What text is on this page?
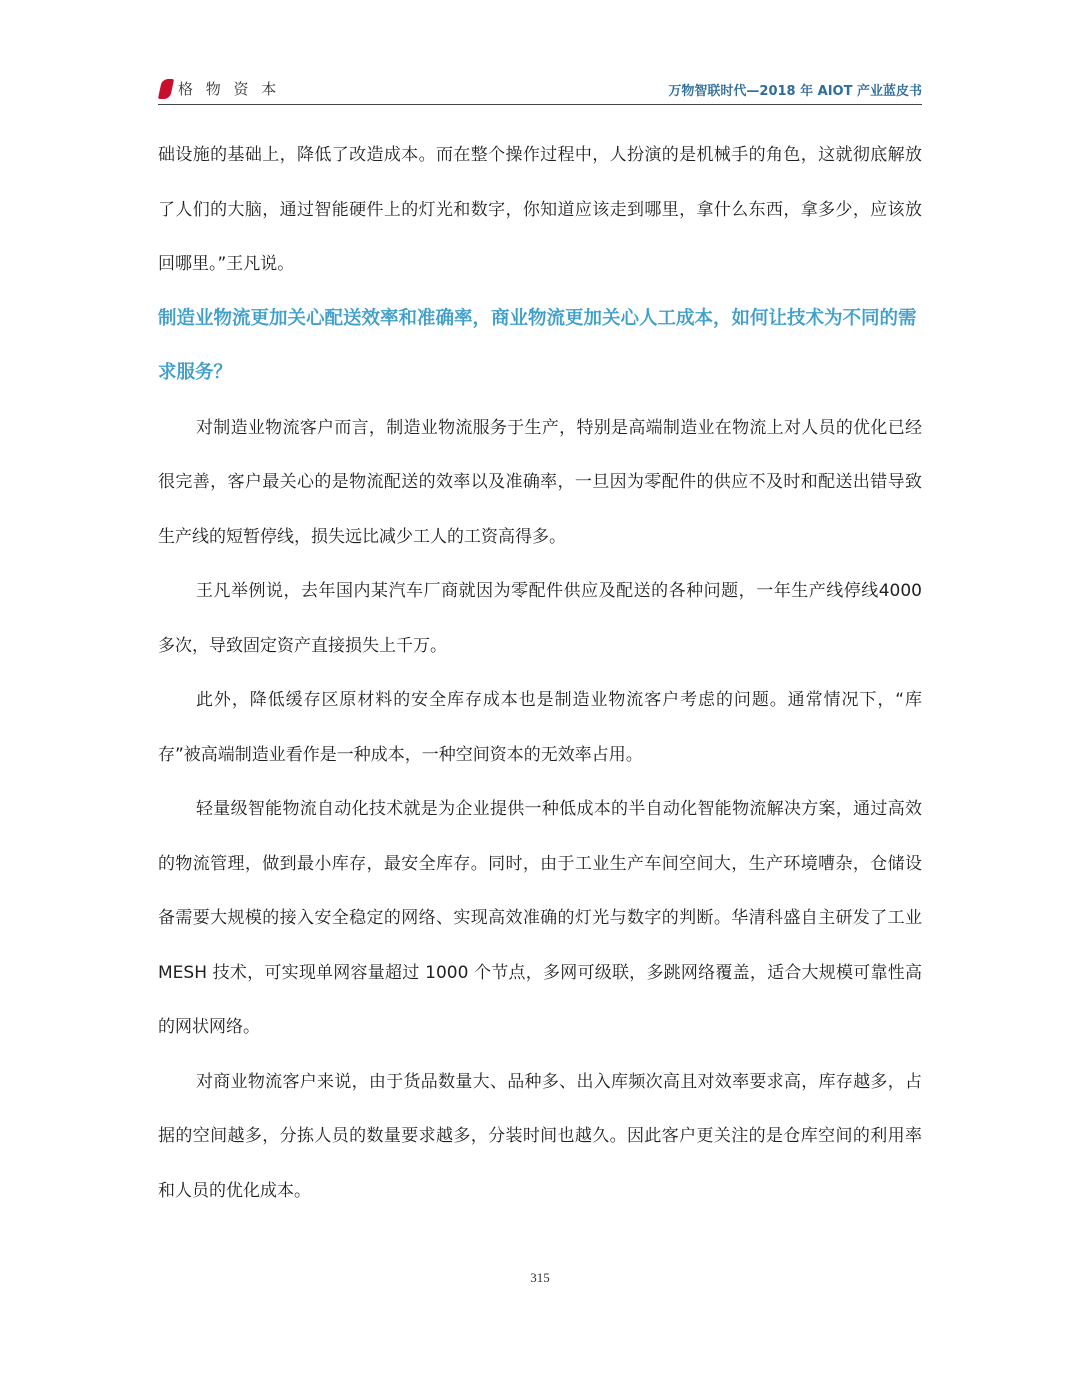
格 物 资 本	万物智联时代—2018 年 AIOT 产业蓝皮书

础设施的基础上，降低了改造成本。而在整个操作过程中，人扮演的是机械手的角色，这就彻底解放了人们的大脑，通过智能硬件上的灯光和数字，你知道应该走到哪里，拿什么东西，拿多少，应该放回哪里。”王凡说。

制造业物流更加关心配送效率和准确率，商业物流更加关心人工成本，如何让技术为不同的需求服务？

对制造业物流客户而言，制造业物流服务于生产，特别是高端制造业在物流上对人员的优化已经很完善，客户最关心的是物流配送的效率以及准确率，一旦因为零配件的供应不及时和配送出错导致生产线的短暂停线，损失远比减少工人的工资高得多。

王凡举例说，去年国内某汽车厂商就因为零配件供应及配送的各种问题，一年生产线停线4000 多次，导致固定资产直接损失上千万。

此外，降低缓存区原材料的安全库存成本也是制造业物流客户考虑的问题。通常情况下，“库存”被高端制造业看作是一种成本，一种空间资本的无效率占用。

轻量级智能物流自动化技术就是为企业提供一种低成本的半自动化智能物流解决方案，通过高效的物流管理，做到最小库存，最安全库存。同时，由于工业生产车间空间大，生产环境嘈杂，仓储设备需要大规模的接入安全稳定的网络、实现高效准确的灯光与数字的判断。华清科盛自主研发了工业 MESH 技术，可实现单网容量超过 1000 个节点，多网可级联，多跳网络覆盖，适合大规模可靠性高的网状网络。

对商业物流客户来说，由于货品数量大、品种多、出入库频次高且对效率要求高，库存越多，占据的空间越多，分拣人员的数量要求越多，分装时间也越久。因此客户更关注的是仓库空间的利用率和人员的优化成本。

315
